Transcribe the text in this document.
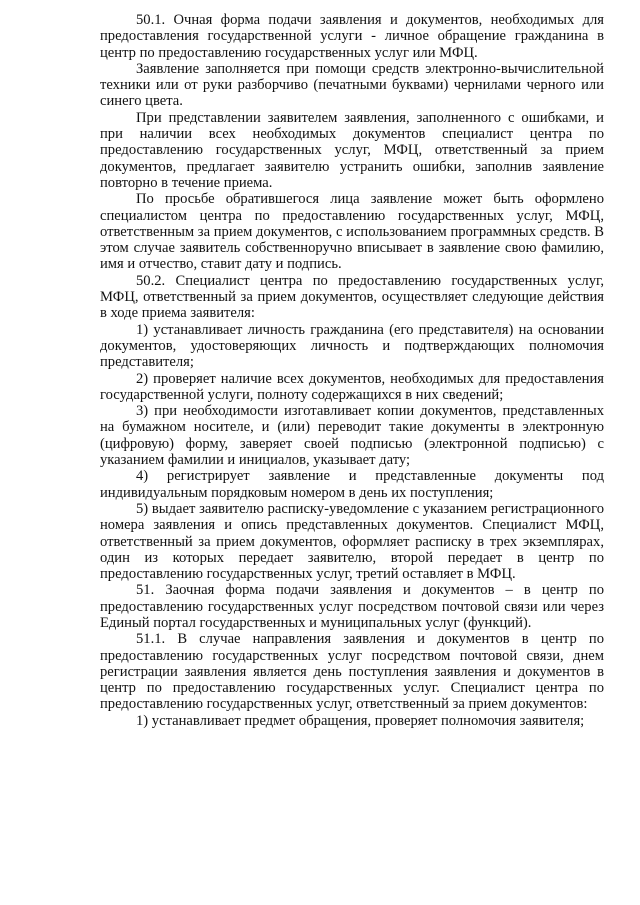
50.1. Очная форма подачи заявления и документов, необходимых для предоставления государственной услуги - личное обращение гражданина в центр по предоставлению государственных услуг или МФЦ.

Заявление заполняется при помощи средств электронно-вычислительной техники или от руки разборчиво (печатными буквами) чернилами черного или синего цвета.

При представлении заявителем заявления, заполненного с ошибками, и при наличии всех необходимых документов специалист центра по предоставлению государственных услуг, МФЦ, ответственный за прием документов, предлагает заявителю устранить ошибки, заполнив заявление повторно в течение приема.

По просьбе обратившегося лица заявление может быть оформлено специалистом центра по предоставлению государственных услуг, МФЦ, ответственным за прием документов, с использованием программных средств. В этом случае заявитель собственноручно вписывает в заявление свою фамилию, имя и отчество, ставит дату и подпись.

50.2. Специалист центра по предоставлению государственных услуг, МФЦ, ответственный за прием документов, осуществляет следующие действия в ходе приема заявителя:

1) устанавливает личность гражданина (его представителя) на основании документов, удостоверяющих личность и подтверждающих полномочия представителя;

2) проверяет наличие всех документов, необходимых для предоставления государственной услуги, полноту содержащихся в них сведений;

3) при необходимости изготавливает копии документов, представленных на бумажном носителе, и (или) переводит такие документы в электронную (цифровую) форму, заверяет своей подписью (электронной подписью) с указанием фамилии и инициалов, указывает дату;

4) регистрирует заявление и представленные документы под индивидуальным порядковым номером в день их поступления;

5) выдает заявителю расписку-уведомление с указанием регистрационного номера заявления и опись представленных документов. Специалист МФЦ, ответственный за прием документов, оформляет расписку в трех экземплярах, один из которых передает заявителю, второй передает в центр по предоставлению государственных услуг, третий оставляет в МФЦ.

51. Заочная форма подачи заявления и документов – в центр по предоставлению государственных услуг посредством почтовой связи или через Единый портал государственных и муниципальных услуг (функций).

51.1. В случае направления заявления и документов в центр по предоставлению государственных услуг посредством почтовой связи, днем регистрации заявления является день поступления заявления и документов в центр по предоставлению государственных услуг. Специалист центра по предоставлению государственных услуг, ответственный за прием документов:

1) устанавливает предмет обращения, проверяет полномочия заявителя;
